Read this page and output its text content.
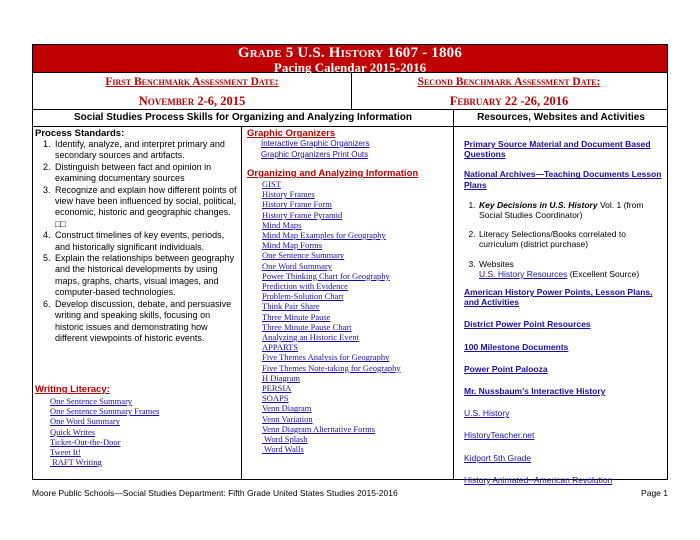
Grade 5 U.S. History 1607 - 1806
Pacing Calendar 2015-2016
First Benchmark Assessment Date:
November 2-6, 2015
Second Benchmark Assessment Date:
February 22 -26, 2016
Social Studies Process Skills for Organizing and Analyzing Information	Resources, Websites and Activities
Process Standards:
1. Identify, analyze, and interpret primary and secondary sources and artifacts.
2. Distinguish between fact and opinion in examining documentary sources
3. Recognize and explain how different points of view have been influenced by social, political, economic, historic and geographic changes. □□
4. Construct timelines of key events, periods, and historically significant individuals.
5. Explain the relationships between geography and the historical developments by using maps, graphs, charts, visual images, and computer-based technologies.
6. Develop discussion, debate, and persuasive writing and speaking skills, focusing on historic issues and demonstrating how different viewpoints of historic events.
Writing Literacy:
One Sentence Summary
One Sentence Summary Frames
One Word Summary
Quick Writes
Ticket-Out-the-Door
Tweet It!
RAFT Writing
Graphic Organizers
Interactive Graphic Organizers
Graphic Organizers Print Outs
Organizing and Analyzing Information
GIST
History Frames
History Frame Form
History Frame Pyramid
Mind Maps
Mind Map Examples for Geography
Mind Map Forms
One Sentence Summary
One Word Summary
Power Thinking Chart for Geography
Prediction with Evidence
Problem-Solution Chart
Think Pair Share
Three Minute Pause
Three Minute Pause Chart
Analyzing an Historic Event
APPARTS
Five Themes Analysis for Geography
Five Themes Note-taking for Geography
H Diagram
PERSIA
SOAPS
Venn Diagram
Venn Variation
Venn Diagram Alternative Forms
Word Splash
Word Walls
Primary Source Material and Document Based Questions
National Archives—Teaching Documents Lesson Plans
1. Key Decisions in U.S. History Vol. 1 (from Social Studies Coordinator)
2. Literacy Selections/Books correlated to curriculum (district purchase)
3. Websites
U.S. History Resources (Excellent Source)
American History Power Points, Lesson Plans, and Activities
District Power Point Resources
100 Milestone Documents
Power Point Palooza
Mr. Nussbaum’s Interactive History
U.S. History
HistoryTeacher.net
Kidport 5th Grade
History Animated--American Revolution
Moore Public Schools—Social Studies Department: Fifth Grade United States Studies 2015-2016	Page 1
